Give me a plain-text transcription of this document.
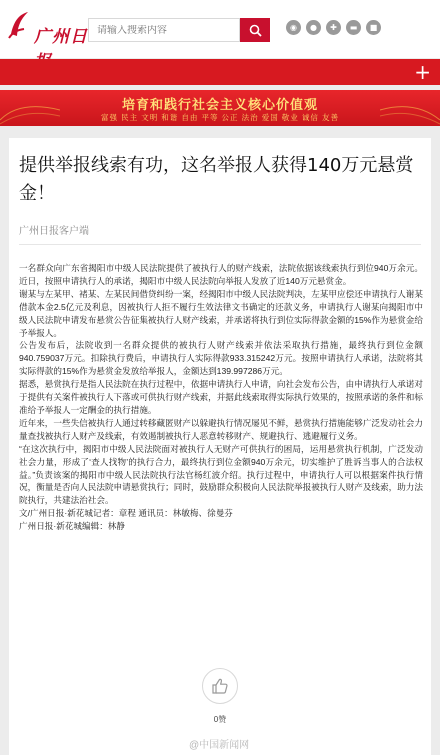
广州日
请输入搜索内容	◉ ● ✚ ▬ ■
+
培育和践行社会主义核心价值观
富强 民主 文明 和谐 自由 平等 公正 法治 爱国 敬业 诚信 友善
提供举报线索有功，这名举报人获得140万元悬赏金！
广州日报客户端

一名群众向广东省揭阳市中级人民法院提供了被执行人的财产线索，法院依据该线索执行到位940万余元。近日，按照申请执行人的承诺，揭阳市中级人民法院向举报人发放了近140万元悬赏金。

谢某与左某甲、褚某、左某民间借贷纠纷一案，经揭阳市中级人民法院判决，左某甲应偿还申请执行人谢某借款本金2.5亿元及利息，因被执行人拒不履行生效法律文书确定的还款义务，申请执行人谢某向揭阳市中级人民法院申请发布悬赏公告征集被执行人财产线索，并承诺将执行到位实际得款金额的15%作为悬赏金给予举报人。

公告发布后，法院收到一名群众提供的被执行人财产线索并依法采取执行措施，最终执行到位金额940.759037万元。扣除执行费后，申请执行人实际得款933.315242万元。按照申请执行人承诺，法院将其实际得款的15%作为悬赏金发放给举报人，金额达到139.997286万元。

据悉，悬赏执行是指人民法院在执行过程中，依据申请执行人申请，向社会发布公告，由申请执行人承诺对于提供有关案件被执行人下落或可供执行财产线索，并据此线索取得实际执行效果的，按照承诺的条件和标准给予举报人一定酬金的执行措施。

近年来，一些失信被执行人通过转移藏匿财产以躲避执行情况屡见不鲜，悬赏执行措施能够广泛发动社会力量查找被执行人财产及线索，有效遏制被执行人恶意转移财产、规避执行、逃避履行义务。

“在这次执行中，揭阳市中级人民法院面对被执行人无财产可供执行的困局，运用悬赏执行机制，广泛发动社会力量，形成了‘查人找物’的执行合力，最终执行到位金额940万余元，切实维护了胜诉当事人的合法权益。”负责该案的揭阳市中级人民法院执行法官杨红波介绍。执行过程中，申请执行人可以根据案件执行情况，衡量是否向人民法院申请悬赏执行；同时，鼓励群众积极向人民法院举报被执行人财产及线索，助力法院执行，共建法治社会。

文/广州日报·新花城记者：章程 通讯员：林敏梅、徐曼芬

广州日报·新花城编辑：林静

0赞
@中国新闻网
